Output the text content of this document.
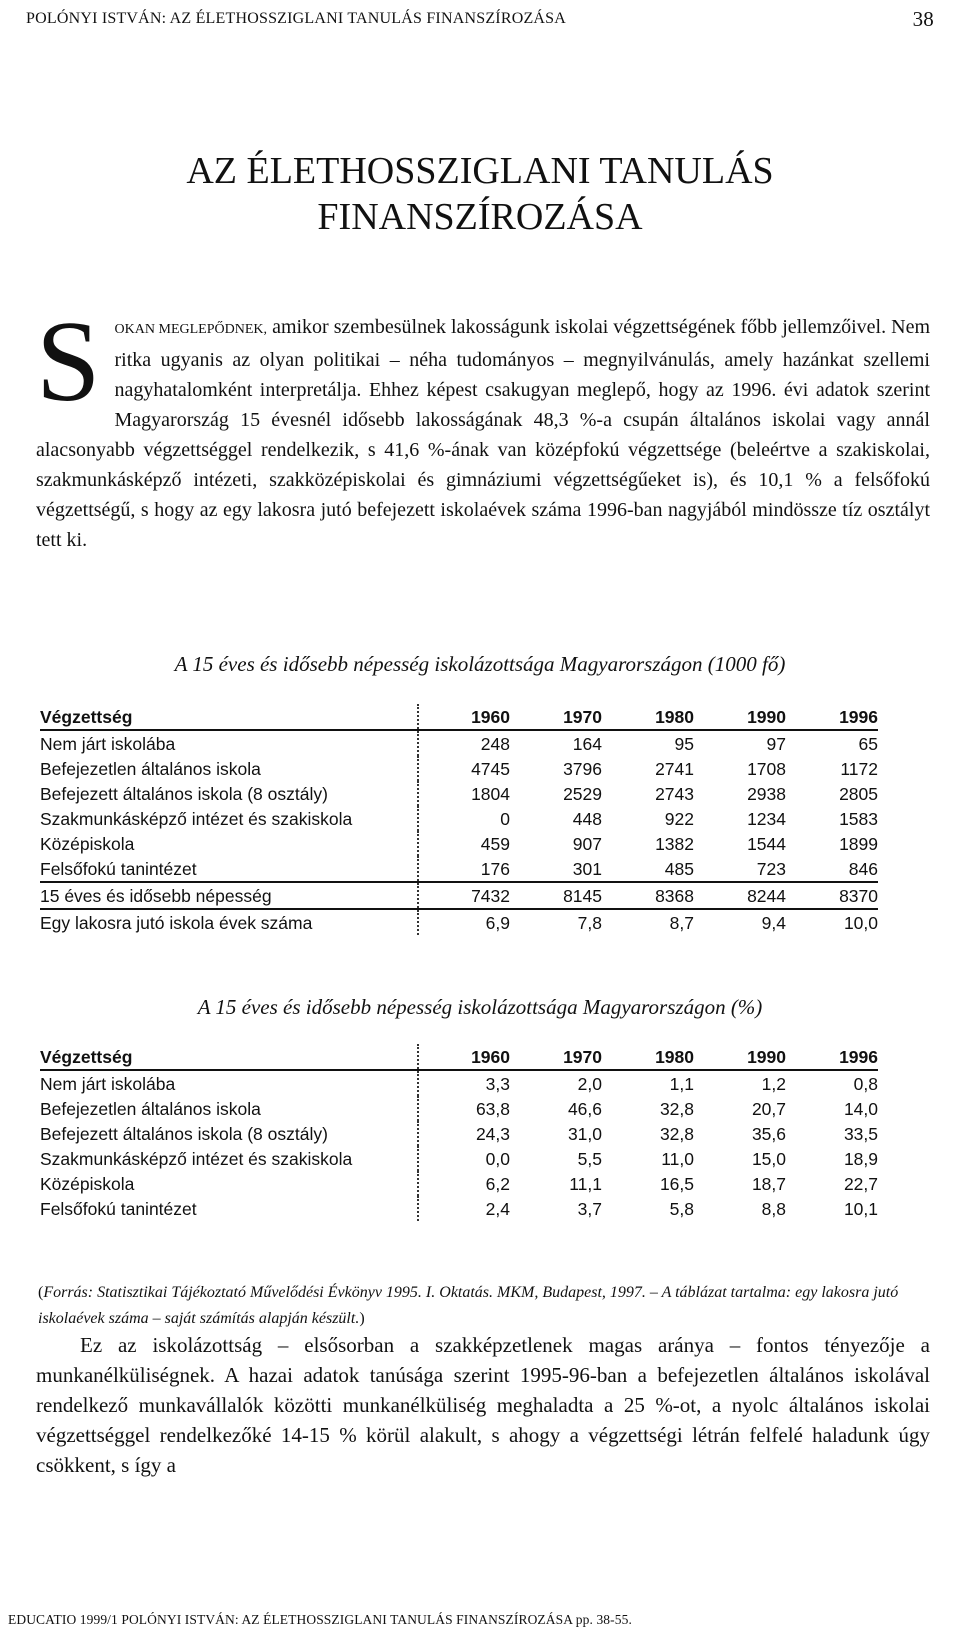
POLÓNYI ISTVÁN: AZ ÉLETHOSSZIGLANI TANULÁS FINANSZÍROZÁSA	38
AZ ÉLETHOSSZIGLANI TANULÁS
FINANSZÍROZÁSA
S OKAN MEGLEPŐDNEK, amikor szembesülnek lakosságunk iskolai végzettségének főbb jellemzőivel. Nem ritka ugyanis az olyan politikai – néha tudományos – megnyilvánulás, amely hazánkat szellemi nagyhatalomként interpretálja. Ehhez képest csakugyan meglepő, hogy az 1996. évi adatok szerint Magyarország 15 évesnél idősebb lakosságának 48,3 %-a csupán általános iskolai vagy annál alacsonyabb végzettséggel rendelkezik, s 41,6 %-ának van középfokú végzettsége (beleértve a szakiskolai, szakmunkásképző intézeti, szakközépiskolai és gimnáziumi végzettségűeket is), és 10,1 % a felsőfokú végzettségű, s hogy az egy lakosra jutó befejezett iskolaévek száma 1996-ban nagyjából mindössze tíz osztályt tett ki.
A 15 éves és idősebb népesség iskolázottsága Magyarországon (1000 fő)
Végzettség	1960	1970	1980	1990	1996
Nem járt iskolába	248	164	95	97	65
Befejezetlen általános iskola	4745	3796	2741	1708	1172
Befejezett általános iskola (8 osztály)	1804	2529	2743	2938	2805
Szakmunkásképző intézet és szakiskola	0	448	922	1234	1583
Középiskola	459	907	1382	1544	1899
Felsőfokú tanintézet	176	301	485	723	846
15 éves és idősebb népesség	7432	8145	8368	8244	8370
Egy lakosra jutó iskola évek száma	6,9	7,8	8,7	9,4	10,0
A 15 éves és idősebb népesség iskolázottsága Magyarországon (%)
Végzettség	1960	1970	1980	1990	1996
Nem járt iskolába	3,3	2,0	1,1	1,2	0,8
Befejezetlen általános iskola	63,8	46,6	32,8	20,7	14,0
Befejezett általános iskola (8 osztály)	24,3	31,0	32,8	35,6	33,5
Szakmunkásképző intézet és szakiskola	0,0	5,5	11,0	15,0	18,9
Középiskola	6,2	11,1	16,5	18,7	22,7
Felsőfokú tanintézet	2,4	3,7	5,8	8,8	10,1
(Forrás: Statisztikai Tájékoztató Művelődési Évkönyv 1995. I. Oktatás. MKM, Budapest, 1997. – A táblázat tartalma: egy lakosra jutó iskolaévek száma – saját számítás alapján készült.)
Ez az iskolázottság – elsősorban a szakképzetlenek magas aránya – fontos tényezője a munkanélküliségnek. A hazai adatok tanúsága szerint 1995-96-ban a befejezetlen általános iskolával rendelkező munkavállalók közötti munkanélküliség meghaladta a 25 %-ot, a nyolc általános iskolai végzettséggel rendelkezőké 14-15 % körül alakult, s ahogy a végzettségi létrán felfelé haladunk úgy csökkent, s így a
EDUCATIO 1999/1 POLÓNYI ISTVÁN: AZ ÉLETHOSSZIGLANI TANULÁS FINANSZÍROZÁSA pp. 38-55.
